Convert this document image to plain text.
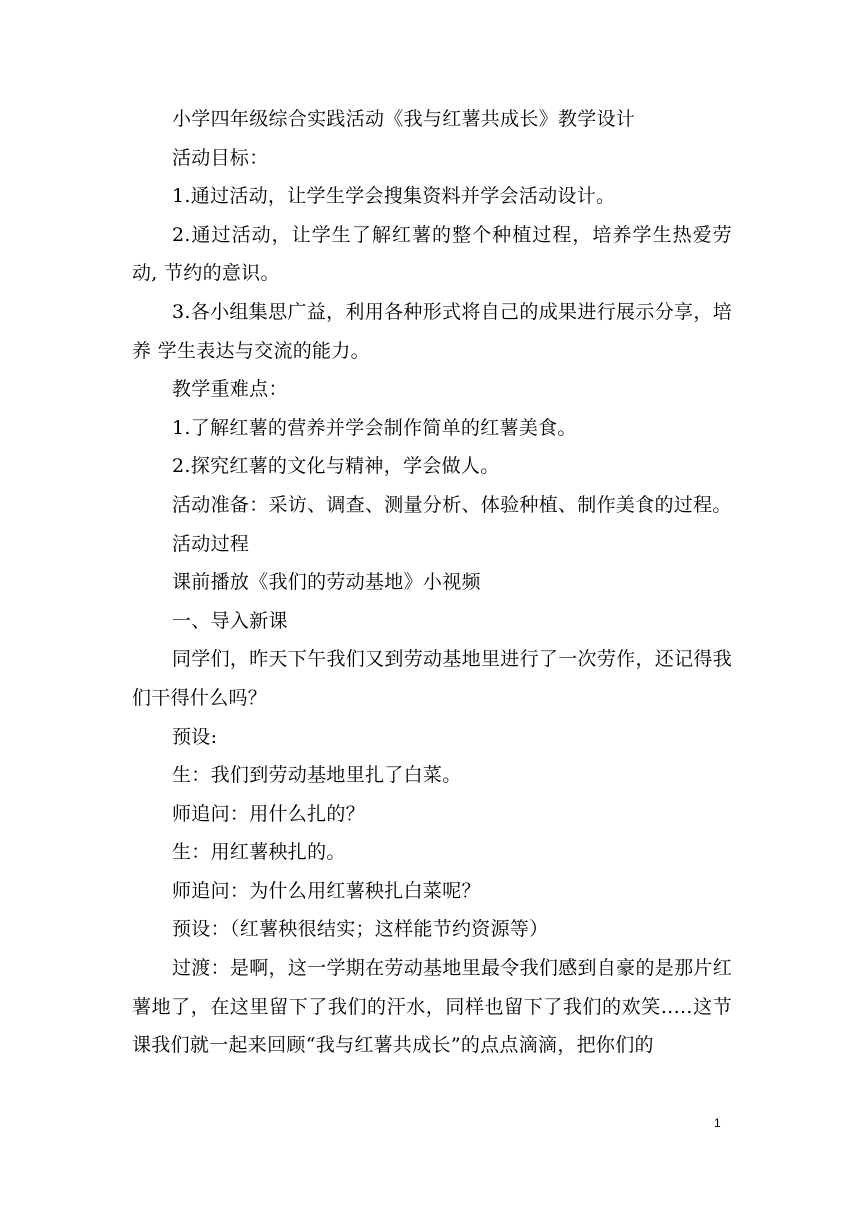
小学四年级综合实践活动《我与红薯共成长》教学设计

活动目标：

1.通过活动，让学生学会搜集资料并学会活动设计。

2.通过活动，让学生了解红薯的整个种植过程，培养学生热爱劳动, 节约的意识。

3.各小组集思广益，利用各种形式将自己的成果进行展示分享，培养 学生表达与交流的能力。

教学重难点：

1.了解红薯的营养并学会制作简单的红薯美食。

2.探究红薯的文化与精神，学会做人。

活动准备：采访、调查、测量分析、体验种植、制作美食的过程。

活动过程

课前播放《我们的劳动基地》小视频

一、导入新课

同学们，昨天下午我们又到劳动基地里进行了一次劳作，还记得我们干得什么吗？

预设:

生：我们到劳动基地里扎了白菜。

师追问：用什么扎的？

生：用红薯秧扎的。

师追问：为什么用红薯秧扎白菜呢？

预设：（红薯秧很结实；这样能节约资源等）

过渡：是啊，这一学期在劳动基地里最令我们感到自豪的是那片红薯地了，在这里留下了我们的汗水，同样也留下了我们的欢笑..…这节课我们就一起来回顾“我与红薯共成长”的点点滴滴，把你们的

1
